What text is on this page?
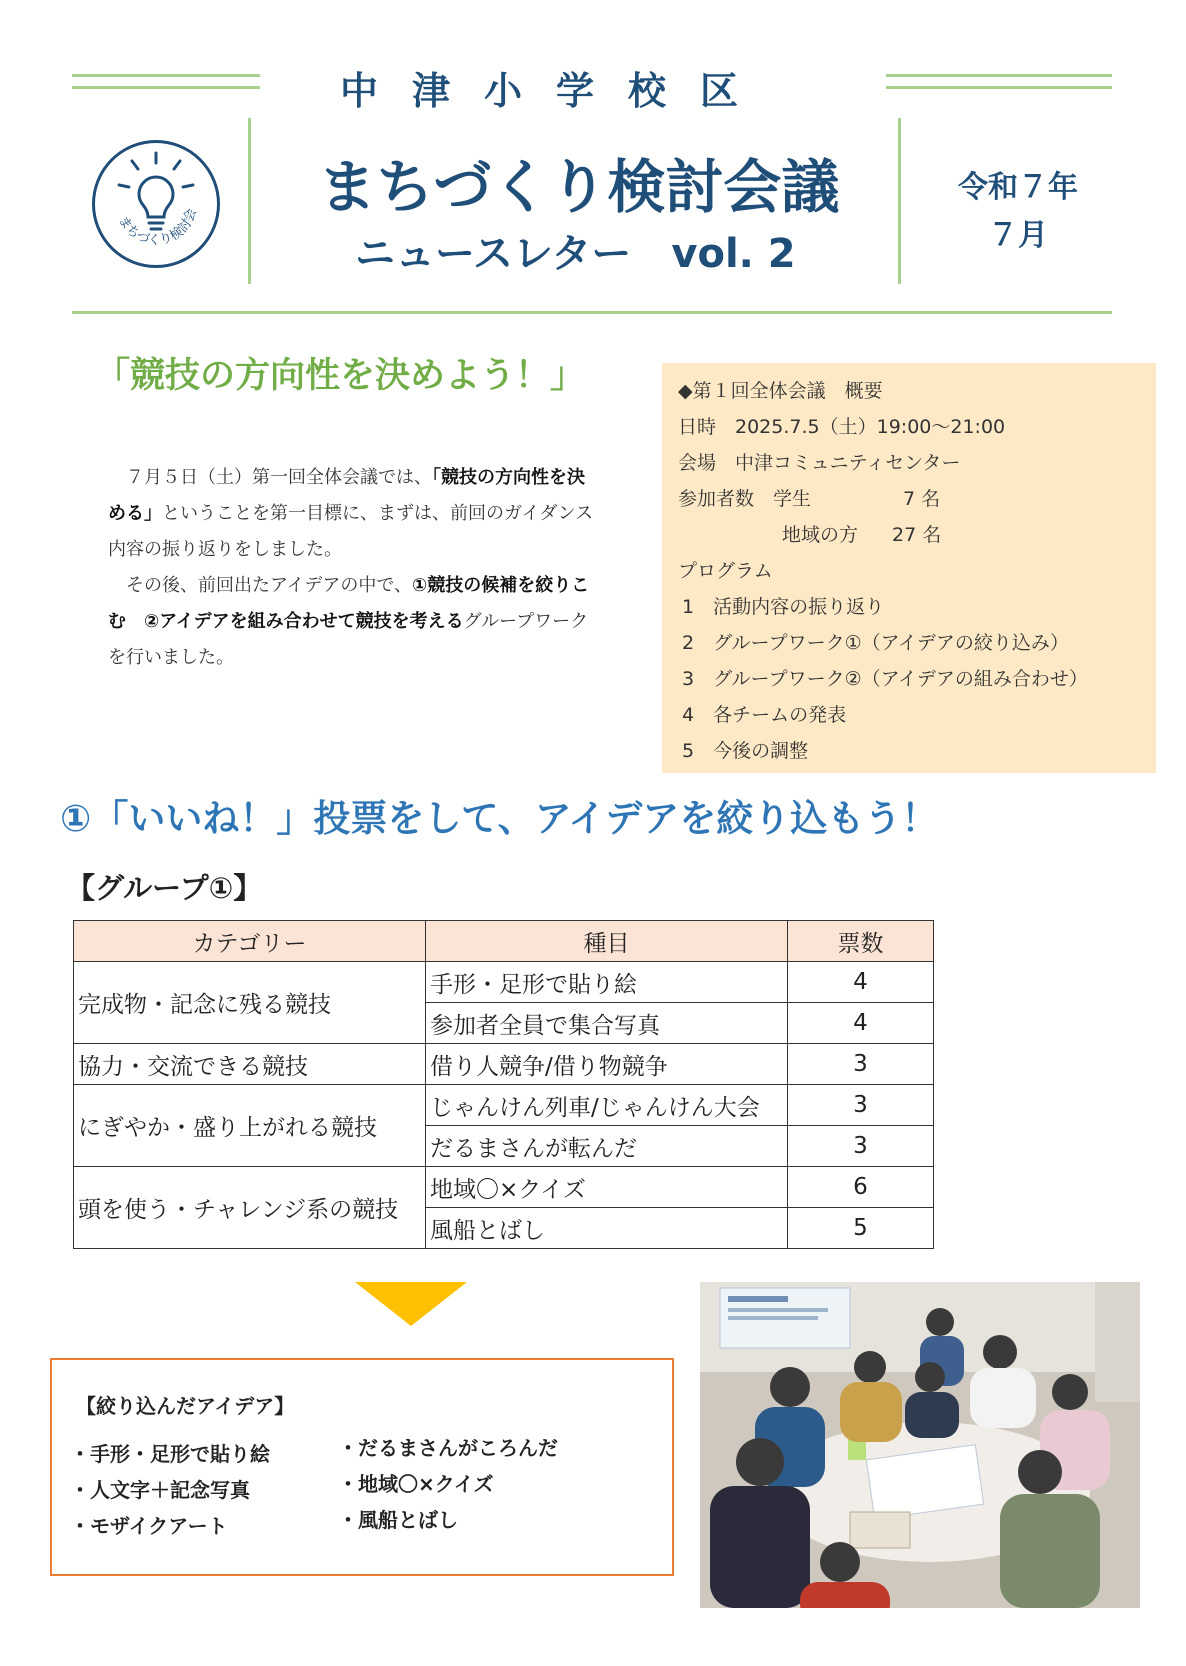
中津小学校区
まちづくり検討会議
ニュースレター　vol. 2
令和７年
７月
まちづくり検討会
「競技の方向性を決めよう！」
 ７月５日（土）第一回全体会議では、「競技の方向性を決める」ということを第一目標に、まずは、前回のガイダンス内容の振り返りをしました。
 その後、前回出たアイデアの中で、①競技の候補を絞りこむ　②アイデアを組み合わせて競技を考えるグループワークを行いました。
◆第１回全体会議　概要
日時　2025.7.5（土）19:00～21:00
会場　中津コミュニティセンター
参加者数　学生	7 名
地域の方 27 名
プログラム
1　活動内容の振り返り
2　グループワーク①（アイデアの絞り込み）
3　グループワーク②（アイデアの組み合わせ）
4　各チームの発表
5　今後の調整
①「いいね！」投票をして、アイデアを絞り込もう！
【グループ①】
カテゴリー	種目	票数
完成物・記念に残る競技	手形・足形で貼り絵	4
	参加者全員で集合写真	4
協力・交流できる競技	借り人競争/借り物競争	3
にぎやか・盛り上がれる競技	じゃんけん列車/じゃんけん大会	3
	だるまさんが転んだ	3
頭を使う・チャレンジ系の競技	地域〇×クイズ	6
	風船とばし	5
【絞り込んだアイデア】
・手形・足形で貼り絵
・人文字＋記念写真
・モザイクアート
・だるまさんがころんだ
・地域〇×クイズ
・風船とばし
